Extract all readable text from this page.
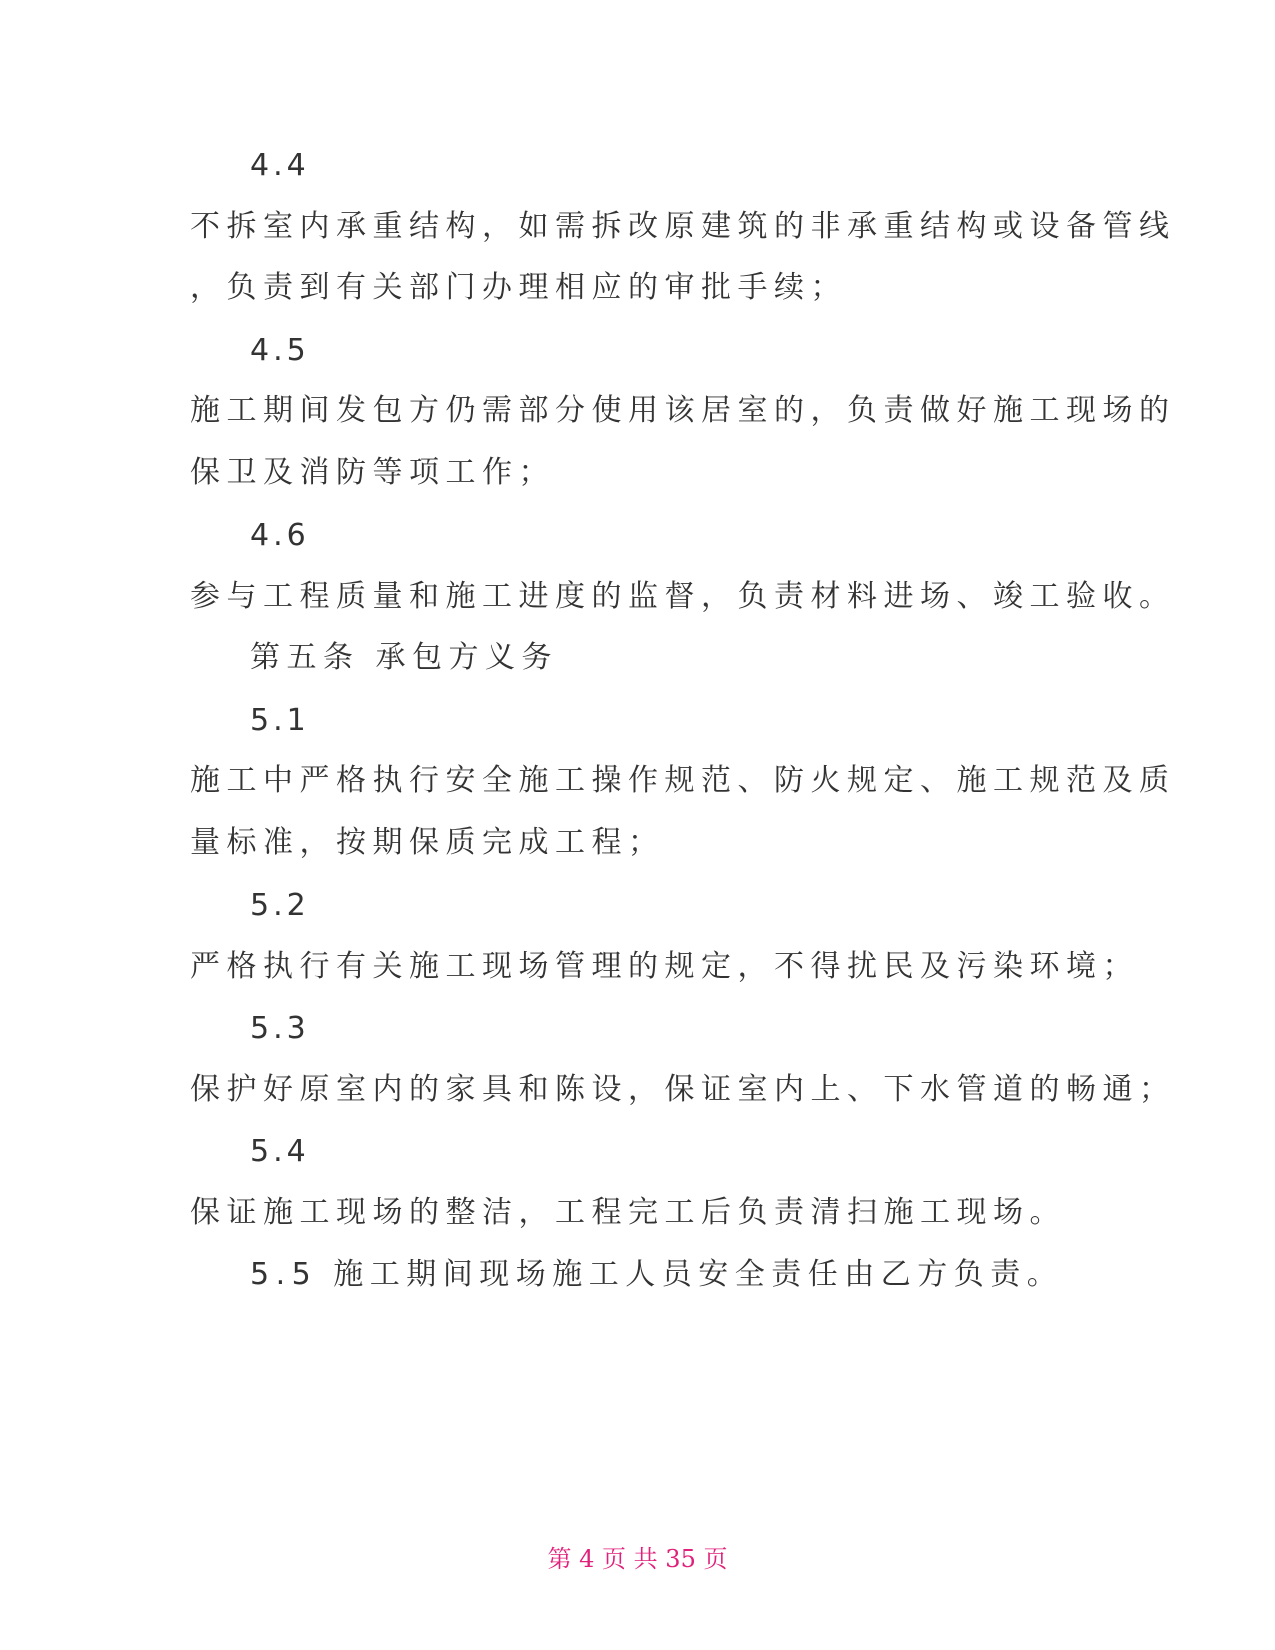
4.4
不拆室内承重结构，如需拆改原建筑的非承重结构或设备管线
，负责到有关部门办理相应的审批手续；
4.5
施工期间发包方仍需部分使用该居室的，负责做好施工现场的
保卫及消防等项工作；
4.6
参与工程质量和施工进度的监督，负责材料进场、竣工验收。
第五条 承包方义务
5.1
施工中严格执行安全施工操作规范、防火规定、施工规范及质
量标准，按期保质完成工程；
5.2
严格执行有关施工现场管理的规定，不得扰民及污染环境；
5.3
保护好原室内的家具和陈设，保证室内上、下水管道的畅通；
5.4
保证施工现场的整洁，工程完工后负责清扫施工现场。
5.5 施工期间现场施工人员安全责任由乙方负责。
第 4 页 共 35 页
